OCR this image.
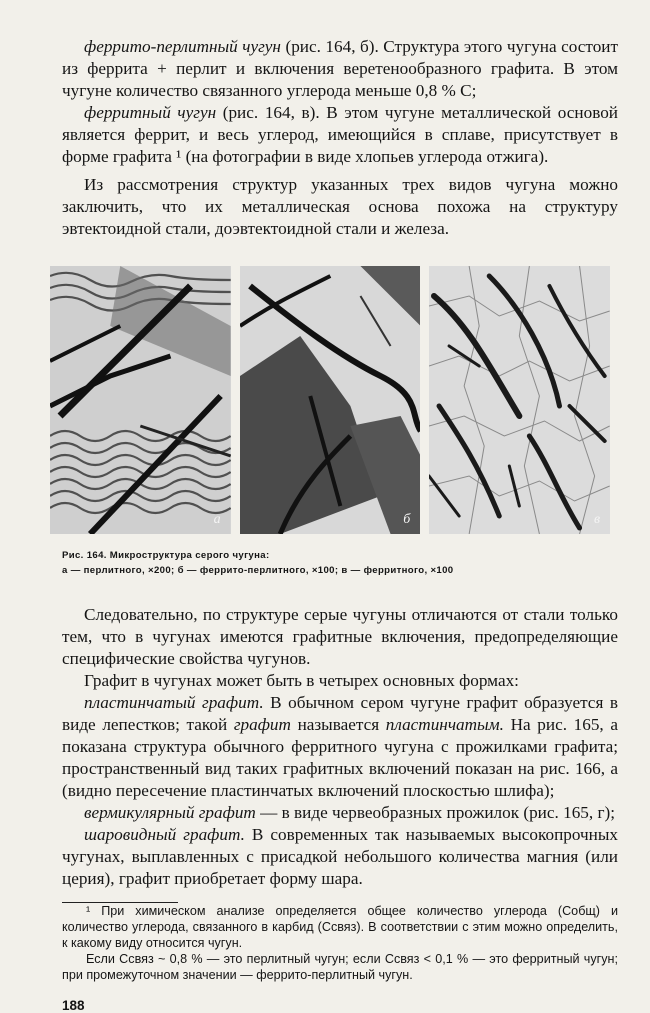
феррито-перлитный чугун (рис. 164, б). Структура этого чугуна состоит из феррита + перлит и включения веретенообразного графита. В этом чугуне количество связанного углерода меньше 0,8 % С;

ферритный чугун (рис. 164, в). В этом чугуне металлической основой является феррит, и весь углерод, имеющийся в сплаве, присутствует в форме графита ¹ (на фотографии в виде хлопьев углерода отжига).

Из рассмотрения структур указанных трех видов чугуна можно заключить, что их металлическая основа похожа на структуру эвтектоидной стали, доэвтектоидной стали и железа.

а	б	в
Рис. 164. Микроструктура серого чугуна:
а — перлитного, ×200; б — феррито-перлитного, ×100; в — ферритного, ×100

Следовательно, по структуре серые чугуны отличаются от стали только тем, что в чугунах имеются графитные включения, предопределяющие специфические свойства чугунов.

Графит в чугунах может быть в четырех основных формах:

пластинчатый графит. В обычном сером чугуне графит образуется в виде лепестков; такой графит называется пластинчатым. На рис. 165, а показана структура обычного ферритного чугуна с прожилками графита; пространственный вид таких графитных включений показан на рис. 166, а (видно пересечение пластинчатых включений плоскостью шлифа);

вермикулярный графит — в виде червеобразных прожилок (рис. 165, г);

шаровидный графит. В современных так называемых высокопрочных чугунах, выплавленных с присадкой небольшого количества магния (или церия), графит приобретает форму шара.

¹ При химическом анализе определяется общее количество углерода (Cобщ) и количество углерода, связанного в карбид (Cсвяз). В соответствии с этим можно определить, к какому виду относится чугун.

Если Cсвяз ~ 0,8 % — это перлитный чугун; если Cсвяз < 0,1 % — это ферритный чугун; при промежуточном значении — феррито-перлитный чугун.

188
